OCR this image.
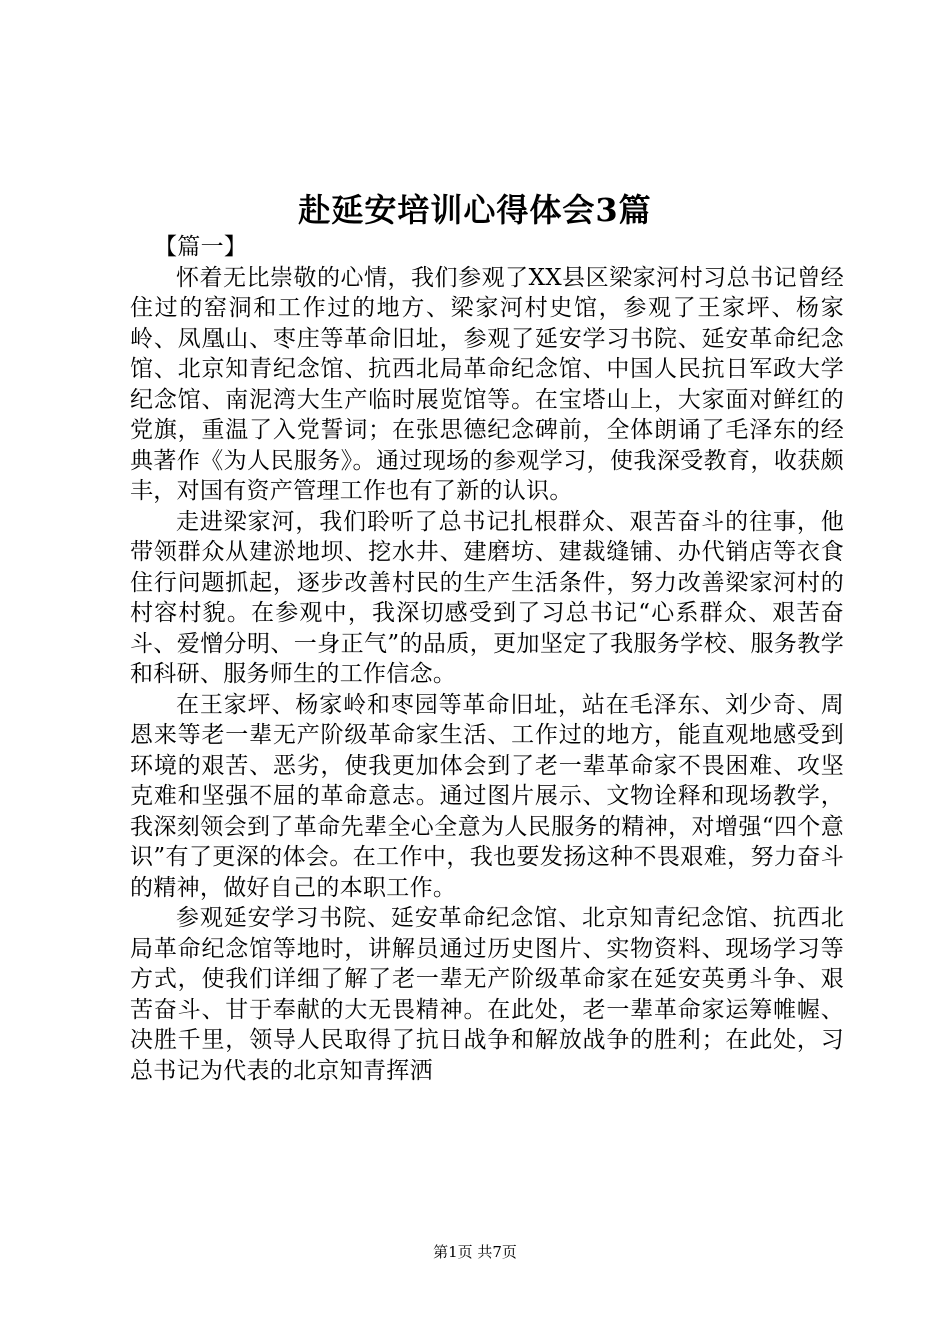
赴延安培训心得体会3篇

【篇一】

怀着无比崇敬的心情，我们参观了XX县区梁家河村习总书记曾经住过的窑洞和工作过的地方、梁家河村史馆，参观了王家坪、杨家岭、凤凰山、枣庄等革命旧址，参观了延安学习书院、延安革命纪念馆、北京知青纪念馆、抗西北局革命纪念馆、中国人民抗日军政大学纪念馆、南泥湾大生产临时展览馆等。在宝塔山上，大家面对鲜红的党旗，重温了入党誓词；在张思德纪念碑前，全体朗诵了毛泽东的经典著作《为人民服务》。通过现场的参观学习，使我深受教育，收获颇丰，对国有资产管理工作也有了新的认识。

走进梁家河，我们聆听了总书记扎根群众、艰苦奋斗的往事，他带领群众从建淤地坝、挖水井、建磨坊、建裁缝铺、办代销店等衣食住行问题抓起，逐步改善村民的生产生活条件，努力改善梁家河村的村容村貌。在参观中，我深切感受到了习总书记“心系群众、艰苦奋斗、爱憎分明、一身正气”的品质，更加坚定了我服务学校、服务教学和科研、服务师生的工作信念。

在王家坪、杨家岭和枣园等革命旧址，站在毛泽东、刘少奇、周恩来等老一辈无产阶级革命家生活、工作过的地方，能直观地感受到环境的艰苦、恶劣，使我更加体会到了老一辈革命家不畏困难、攻坚克难和坚强不屈的革命意志。通过图片展示、文物诠释和现场教学，我深刻领会到了革命先辈全心全意为人民服务的精神，对增强“四个意识”有了更深的体会。在工作中，我也要发扬这种不畏艰难，努力奋斗的精神，做好自己的本职工作。

参观延安学习书院、延安革命纪念馆、北京知青纪念馆、抗西北局革命纪念馆等地时，讲解员通过历史图片、实物资料、现场学习等方式，使我们详细了解了老一辈无产阶级革命家在延安英勇斗争、艰苦奋斗、甘于奉献的大无畏精神。在此处，老一辈革命家运筹帷幄、决胜千里，领导人民取得了抗日战争和解放战争的胜利；在此处，习总书记为代表的北京知青挥洒

第1页 共7页
